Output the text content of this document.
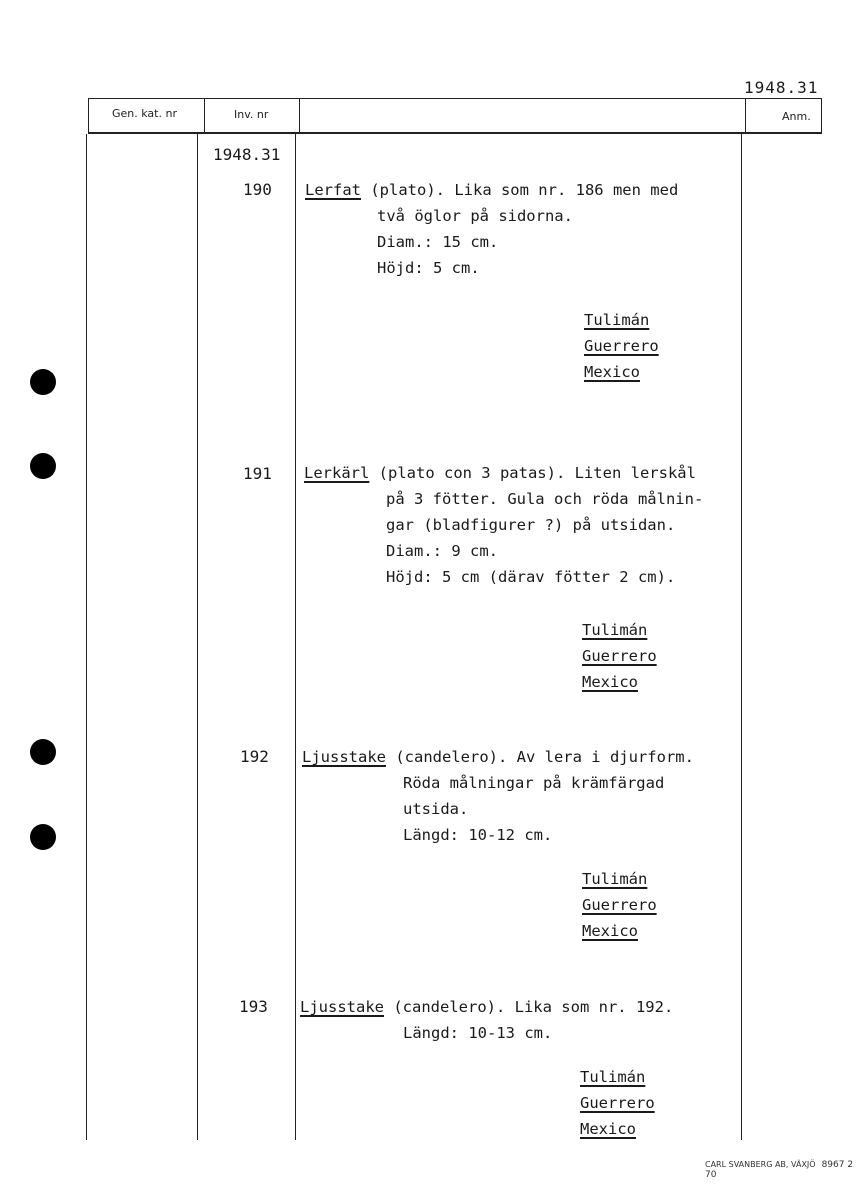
1948.31
Gen. kat. nr	Inv. nr	Anm.
1948.31
190 Lerfat (plato). Lika som nr. 186 men med
två öglor på sidorna.
Diam.: 15 cm.
Höjd: 5 cm.
Tulimán
Guerrero
Mexico
191 Lerkärl (plato con 3 patas). Liten lerskål
på 3 fötter. Gula och röda målnin-
gar (bladfigurer ?) på utsidan.
Diam.: 9 cm.
Höjd: 5 cm (därav fötter 2 cm).
Tulimán
Guerrero
Mexico
192 Ljusstake (candelero). Av lera i djurform.
Röda målningar på krämfärgad
utsida.
Längd: 10-12 cm.
Tulimán
Guerrero
Mexico
193 Ljusstake (candelero). Lika som nr. 192.
Längd: 10-13 cm.
Tulimán
Guerrero
Mexico
CARL SVANBERG AB, VÄXJÖ 8967 2 70
